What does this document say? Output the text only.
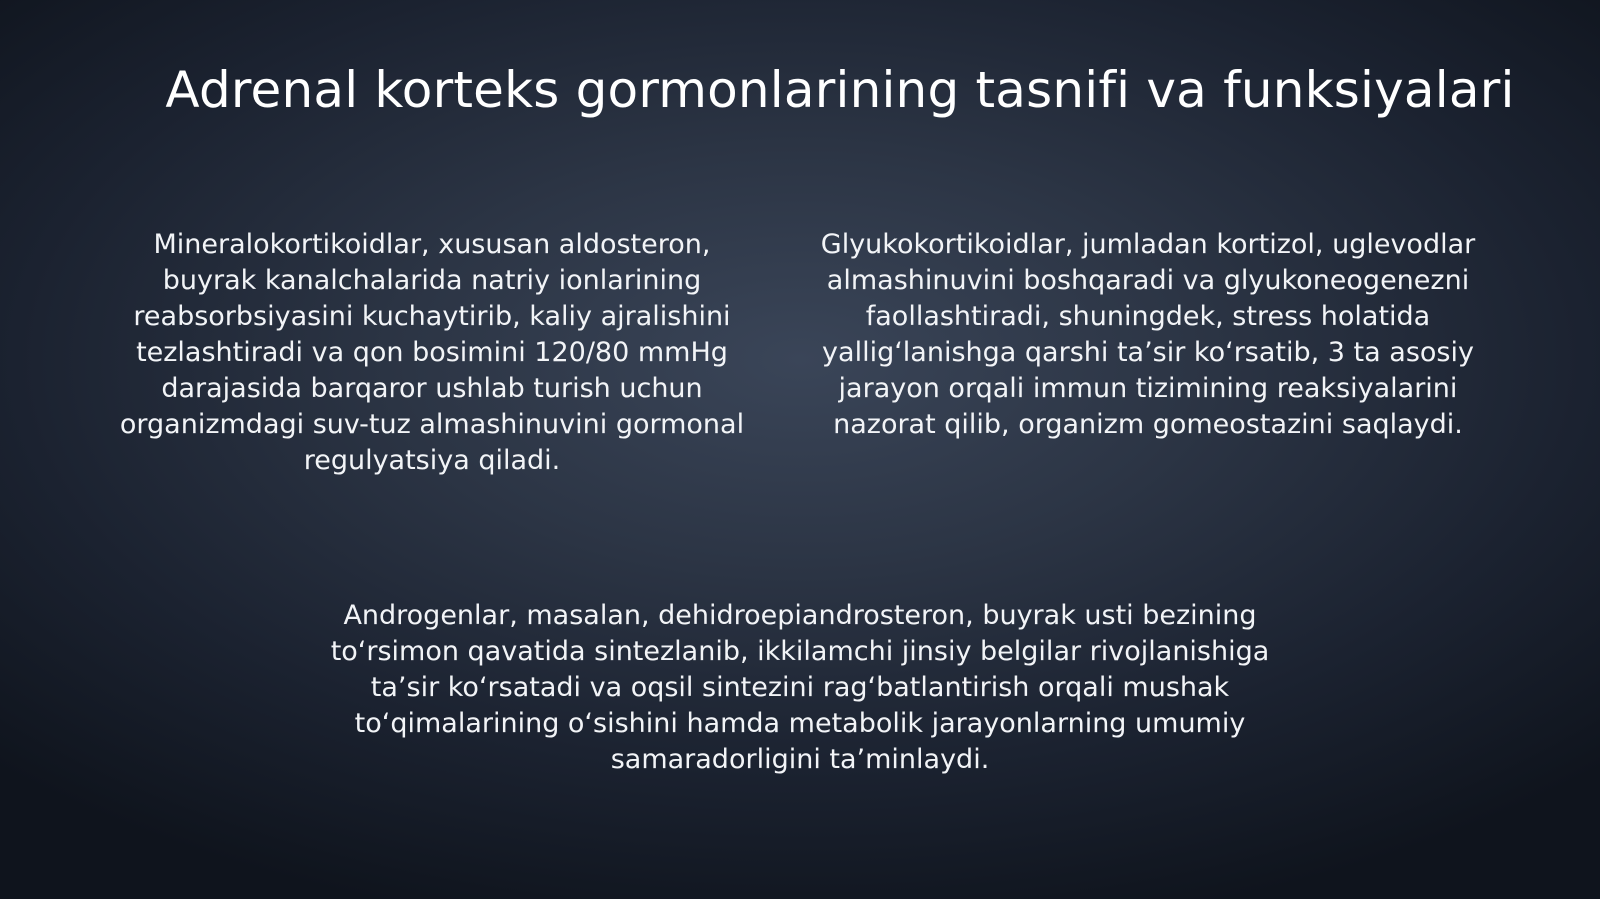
Adrenal korteks gormonlarining tasnifi va funksiyalari

Mineralokortikoidlar, xususan aldosteron, buyrak kanalchalarida natriy ionlarining reabsorbsiyasini kuchaytirib, kaliy ajralishini tezlashtiradi va qon bosimini 120/80 mmHg darajasida barqaror ushlab turish uchun organizmdagi suv-tuz almashinuvini gormonal regulyatsiya qiladi.

Glyukokortikoidlar, jumladan kortizol, uglevodlar almashinuvini boshqaradi va glyukoneogenezni faollashtiradi, shuningdek, stress holatida yallig‘lanishga qarshi ta’sir ko‘rsatib, 3 ta asosiy jarayon orqali immun tizimining reaksiyalarini nazorat qilib, organizm gomeostazini saqlaydi.

Androgenlar, masalan, dehidroepiandrosteron, buyrak usti bezining to‘rsimon qavatida sintezlanib, ikkilamchi jinsiy belgilar rivojlanishiga ta’sir ko‘rsatadi va oqsil sintezini rag‘batlantirish orqali mushak to‘qimalarining o‘sishini hamda metabolik jarayonlarning umumiy samaradorligini ta’minlaydi.
